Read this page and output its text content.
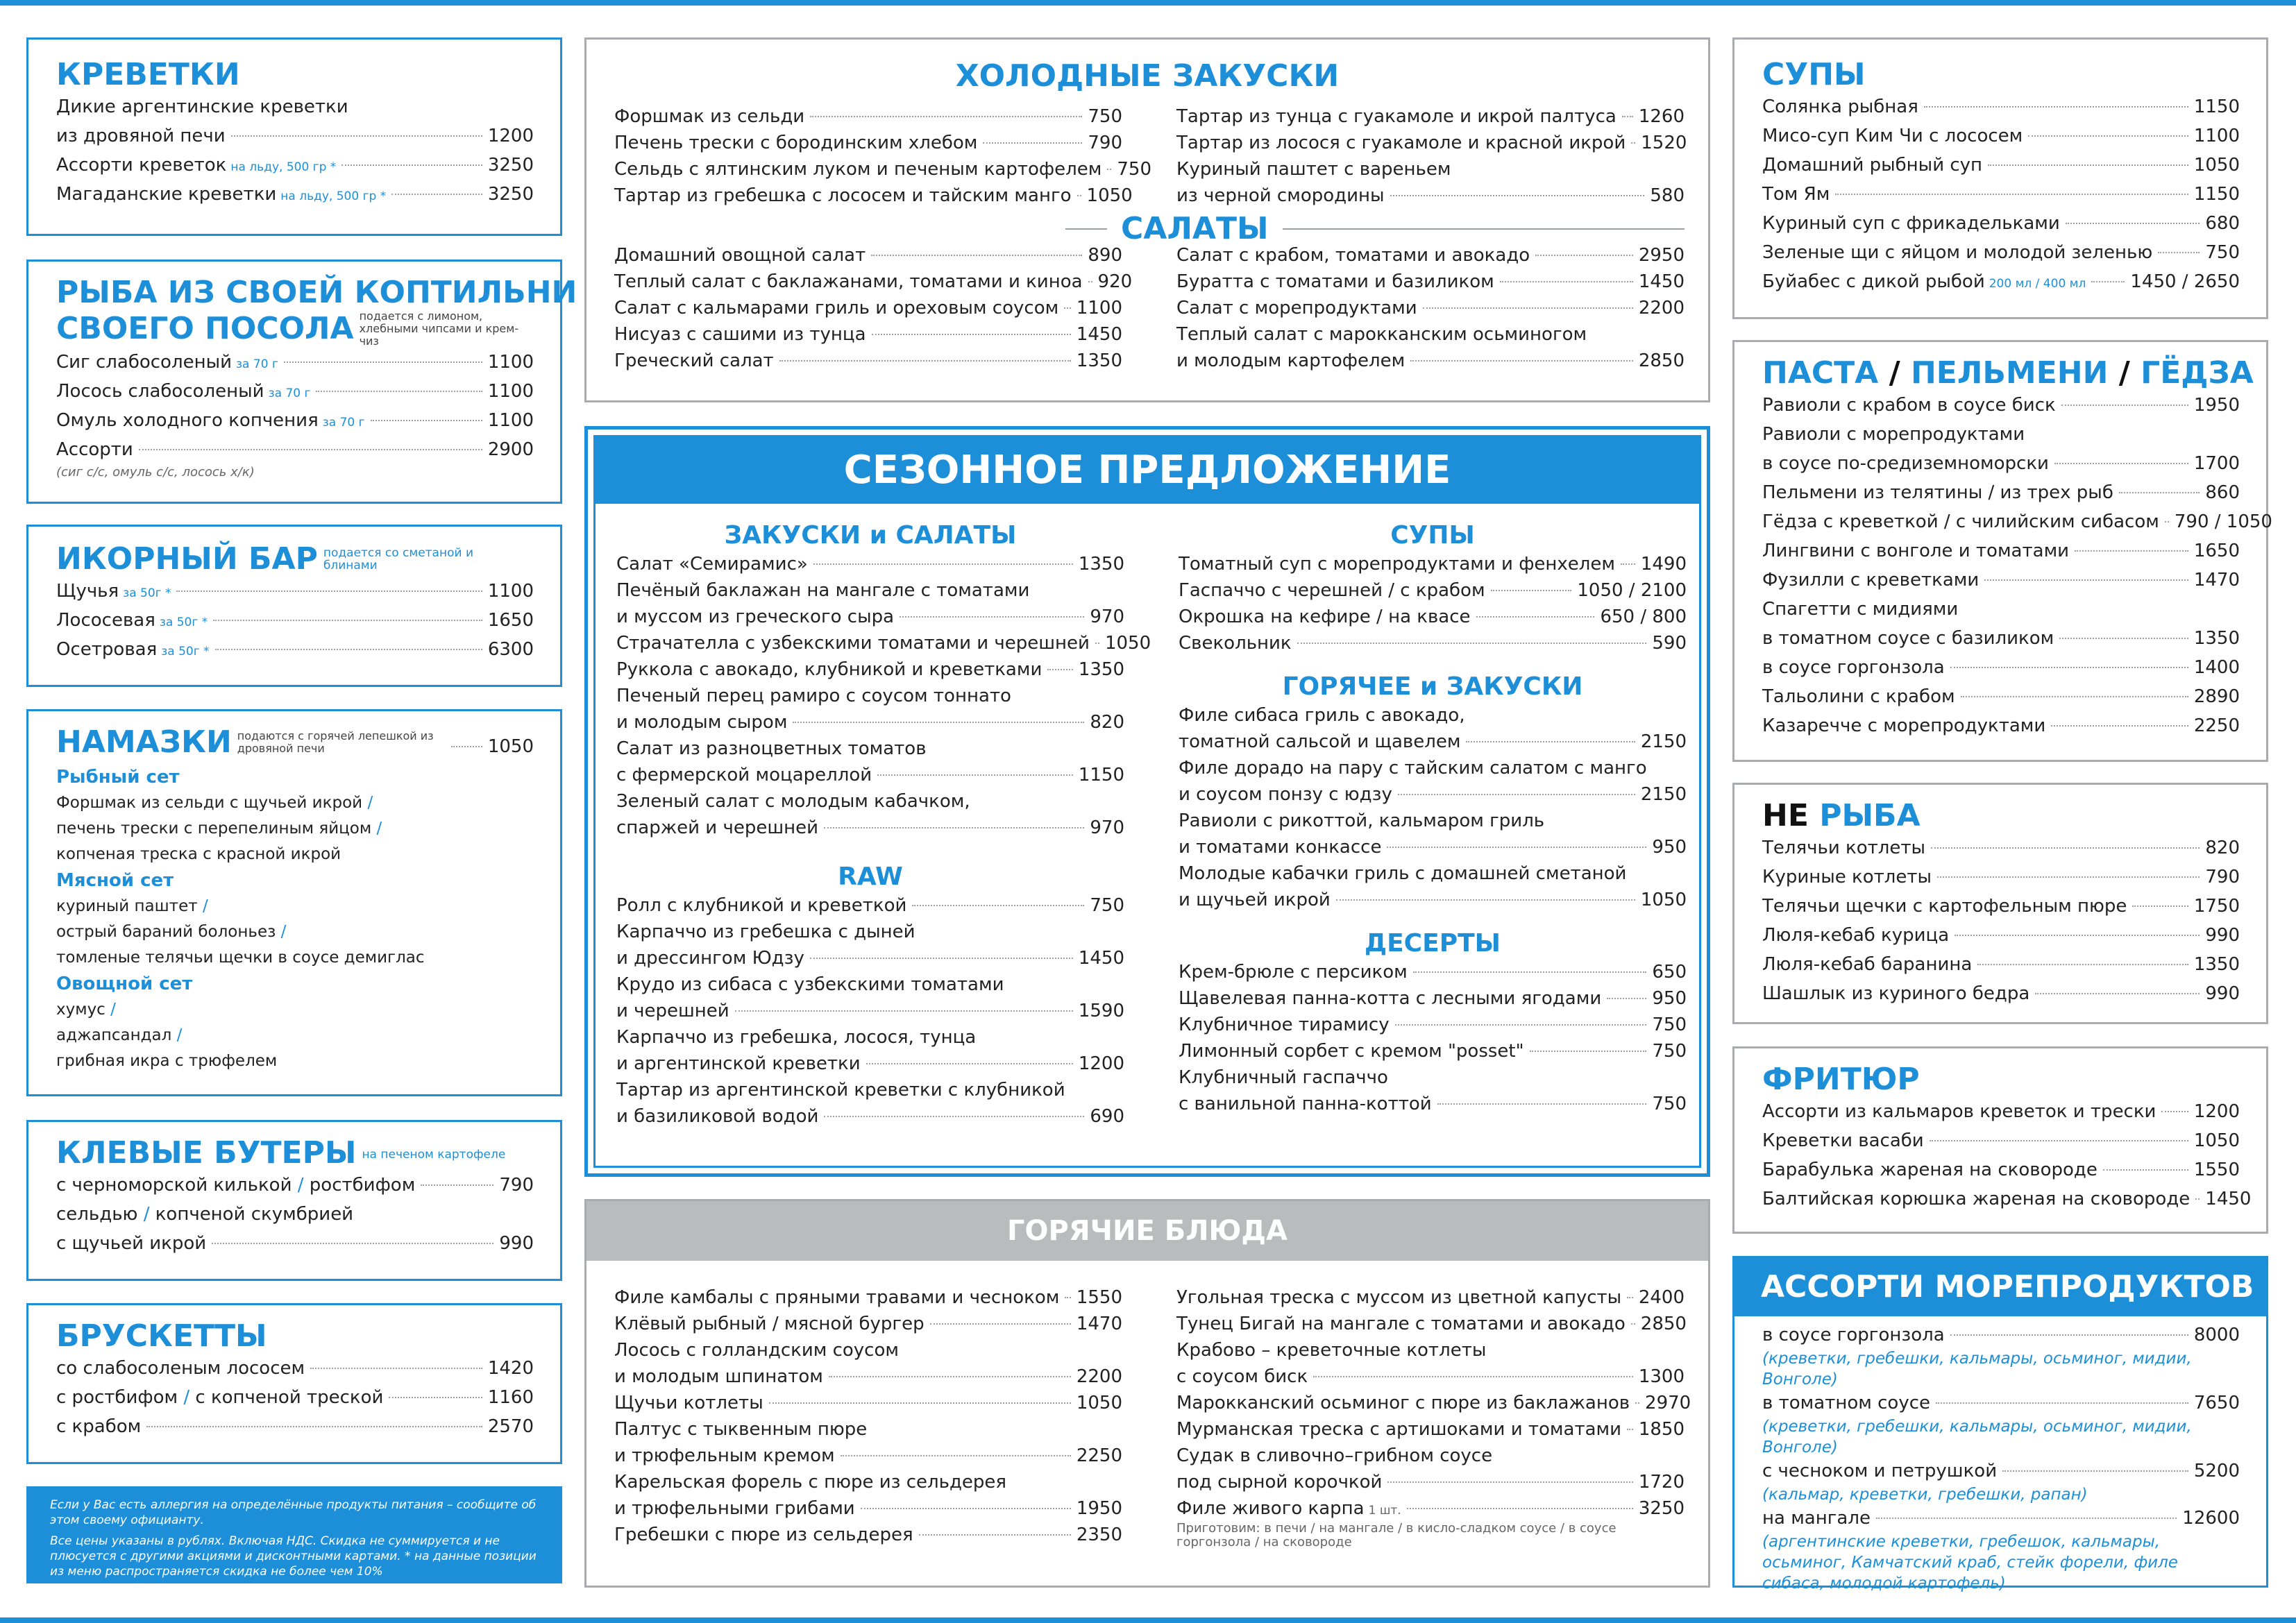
КРЕВЕТКИ
Дикие аргентинские креветки
из дровяной печи	1200
Ассорти креветок на льду, 500 гр *	3250
Магаданские креветки на льду, 500 гр *	3250
РЫБА ИЗ СВОЕЙ КОПТИЛЬНИ
СВОЕГО ПОСОЛА подается с лимоном, хлебными чипсами и крем-чиз
Сиг слабосоленый за 70 г	1100
Лосось слабосоленый за 70 г	1100
Омуль холодного копчения за 70 г	1100
Ассорти	2900
(сиг с/с, омуль с/с, лосось х/к)
ИКОРНЫЙ БАР подается со сметаной и блинами
Щучья за 50г *	1100
Лососевая за 50г *	1650
Осетровая за 50г *	6300
НАМАЗКИ подаются с горячей лепешкой из дровяной печи	1050
Рыбный сет
Форшмак из сельди с щучьей икрой /
печень трески с перепелиным яйцом /
копченая треска с красной икрой
Мясной сет
куриный паштет /
острый бараний болоньез /
томленые телячьи щечки в соусе демиглас
Овощной сет
хумус /
аджапсандал /
грибная икра с трюфелем
КЛЕВЫЕ БУТЕРЫ на печеном картофеле
с черноморской килькой / ростбифом	790
сельдью / копченой скумбрией
с щучьей икрой	990
БРУСКЕТТЫ
со слабосоленым лососем	1420
с ростбифом / с копченой треской	1160
с крабом	2570

Если у Вас есть аллергия на определённые продукты питания – сообщите об этом своему официанту.

Все цены указаны в рублях. Включая НДС. Скидка не суммируется и не плюсуется с другими акциями и дисконтными картами. * на данные позиции из меню распространяется скидка не более чем 10%

ХОЛОДНЫЕ ЗАКУСКИ
Форшмак из сельди	750
Печень трески с бородинским хлебом	790
Сельдь с ялтинским луком и печеным картофелем 750
Тартар из гребешка с лососем и тайским манго 1050
Тартар из тунца с гуакамоле и икрой палтуса 1260
Тартар из лосося с гуакамоле и красной икрой 1520
Куриный паштет с вареньем
из черной смородины	580
САЛАТЫ
Домашний овощной салат	890
Теплый салат с баклажанами, томатами и киноа 920
Салат с кальмарами гриль и ореховым соусом 1100
Нисуаз с сашими из тунца	1450
Греческий салат	1350
Салат с крабом, томатами и авокадо	2950
Буратта с томатами и базиликом	1450
Салат с морепродуктами	2200
Теплый салат с марокканским осьминогом
и молодым картофелем	2850
СЕЗОННОЕ ПРЕДЛОЖЕНИЕ
ЗАКУСКИ и САЛАТЫ
Салат «Семирамис»	1350
Печёный баклажан на мангале с томатами
и муссом из греческого сыра	970
Страчателла с узбекскими томатами и черешней 1050
Руккола с авокадо, клубникой и креветками 1350
Печеный перец рамиро с соусом тоннато
и молодым сыром	820
Салат из разноцветных томатов
с фермерской моцареллой	1150
Зеленый салат с молодым кабачком,
спаржей и черешней	970
RAW
Ролл с клубникой и креветкой	750
Карпаччо из гребешка с дыней
и дрессингом Юдзу	1450
Крудо из сибаса с узбекскими томатами
и черешней	1590
Карпаччо из гребешка, лосося, тунца
и аргентинской креветки	1200
Тартар из аргентинской креветки с клубникой
и базиликовой водой	690
СУПЫ
Томатный суп с морепродуктами и фенхелем 1490
Гаспаччо с черешней / с крабом	1050 / 2100
Окрошка на кефире / на квасе	650 / 800
Свекольник	590
ГОРЯЧЕЕ и ЗАКУСКИ
Филе сибаса гриль с авокадо,
томатной сальсой и щавелем	2150
Филе дорадо на пару с тайским салатом с манго
и соусом понзу с юдзу	2150
Равиоли с рикоттой, кальмаром гриль
и томатами конкассе	950
Молодые кабачки гриль с домашней сметаной
и щучьей икрой	1050
ДЕСЕРТЫ
Крем-брюле с персиком	650
Щавелевая панна-котта с лесными ягодами	950
Клубничное тирамису	750
Лимонный сорбет с кремом "posset"	750
Клубничный гаспаччо
с ванильной панна-коттой	750
ГОРЯЧИЕ БЛЮДА
Филе камбалы с пряными травами и чесноком 1550
Клёвый рыбный / мясной бургер	1470
Лосось с голландским соусом
и молодым шпинатом	2200
Щучьи котлеты	1050
Палтус с тыквенным пюре
и трюфельным кремом	2250
Карельская форель с пюре из сельдерея
и трюфельными грибами	1950
Гребешки с пюре из сельдерея	2350
Угольная треска с муссом из цветной капусты 2400
Тунец Бигай на мангале с томатами и авокадо 2850
Крабово – креветочные котлеты
с соусом биск	1300
Марокканский осьминог с пюре из баклажанов 2970
Мурманская треска с артишоками и томатами 1850
Судак в сливочно–грибном соусе
под сырной корочкой	1720
Филе живого карпа 1 шт.	3250
Приготовим: в печи / на мангале / в кисло-сладком соусе / в соусе горгонзола / на сковороде
СУПЫ
Солянка рыбная	1150
Мисо-суп Ким Чи с лососем	1100
Домашний рыбный суп	1050
Том Ям	1150
Куриный суп с фрикадельками	680
Зеленые щи с яйцом и молодой зеленью	750
Буйабес с дикой рыбой 200 мл / 400 мл 1450 / 2650
ПАСТА / ПЕЛЬМЕНИ / ГЁДЗА
Равиоли с крабом в соусе биск	1950
Равиоли с морепродуктами
в соусе по-средиземноморски	1700
Пельмени из телятины / из трех рыб	860
Гёдза с креветкой / с чилийским сибасом 790 / 1050
Лингвини с вонголе и томатами	1650
Фузилли с креветками	1470
Спагетти с мидиями
в томатном соусе с базиликом	1350
в соусе горгонзола	1400
Тальолини с крабом	2890
Казаречче с морепродуктами	2250
НЕ РЫБА
Телячьи котлеты	820
Куриные котлеты	790
Телячьи щечки с картофельным пюре	1750
Люля-кебаб курица	990
Люля-кебаб баранина	1350
Шашлык из куриного бедра	990
ФРИТЮР
Ассорти из кальмаров креветок и трески 1200
Креветки васаби	1050
Барабулька жареная на сковороде	1550
Балтийская корюшка жареная на сковороде 1450
АССОРТИ МОРЕПРОДУКТОВ
в соусе горгонзола	8000
(креветки, гребешки, кальмары, осьминог, мидии, Вонголе)
в томатном соусе	7650
(креветки, гребешки, кальмары, осьминог, мидии, Вонголе)
с чесноком и петрушкой	5200
(кальмар, креветки, гребешки, рапан)
на мангале	12600
(аргентинские креветки, гребешок, кальмары, осьминог, Камчатский краб, стейк форели, филе сибаса, молодой картофель)
